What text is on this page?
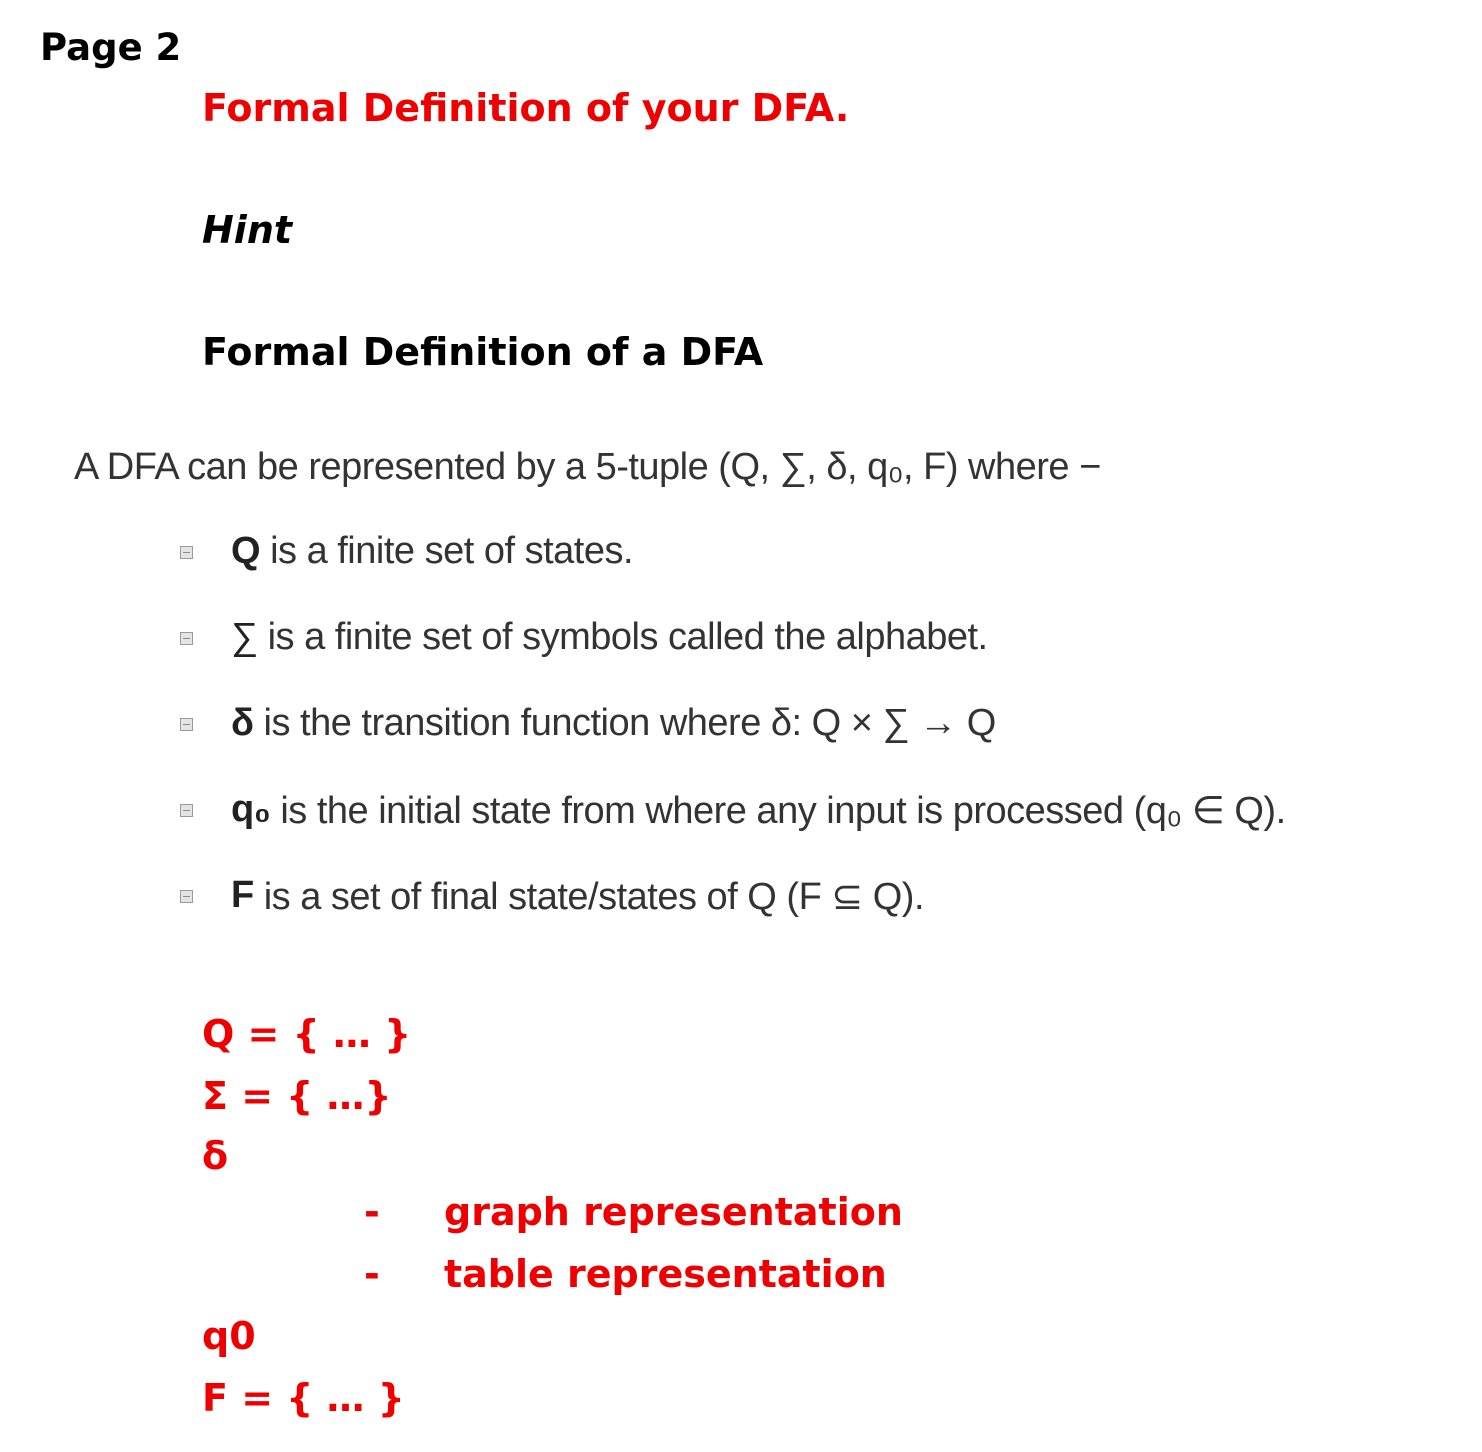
Page 2
Formal Definition of your DFA.
Hint
Formal Definition of a DFA
A DFA can be represented by a 5-tuple (Q, ∑, δ, q₀, F) where −
Q is a finite set of states.
∑ is a finite set of symbols called the alphabet.
δ is the transition function where δ: Q × ∑ → Q
q₀ is the initial state from where any input is processed (q₀ ∈ Q).
F is a set of final state/states of Q (F ⊆ Q).
Q = { … }
Σ = { …}
δ
- graph representation
- table representation
q0
F = { … }
